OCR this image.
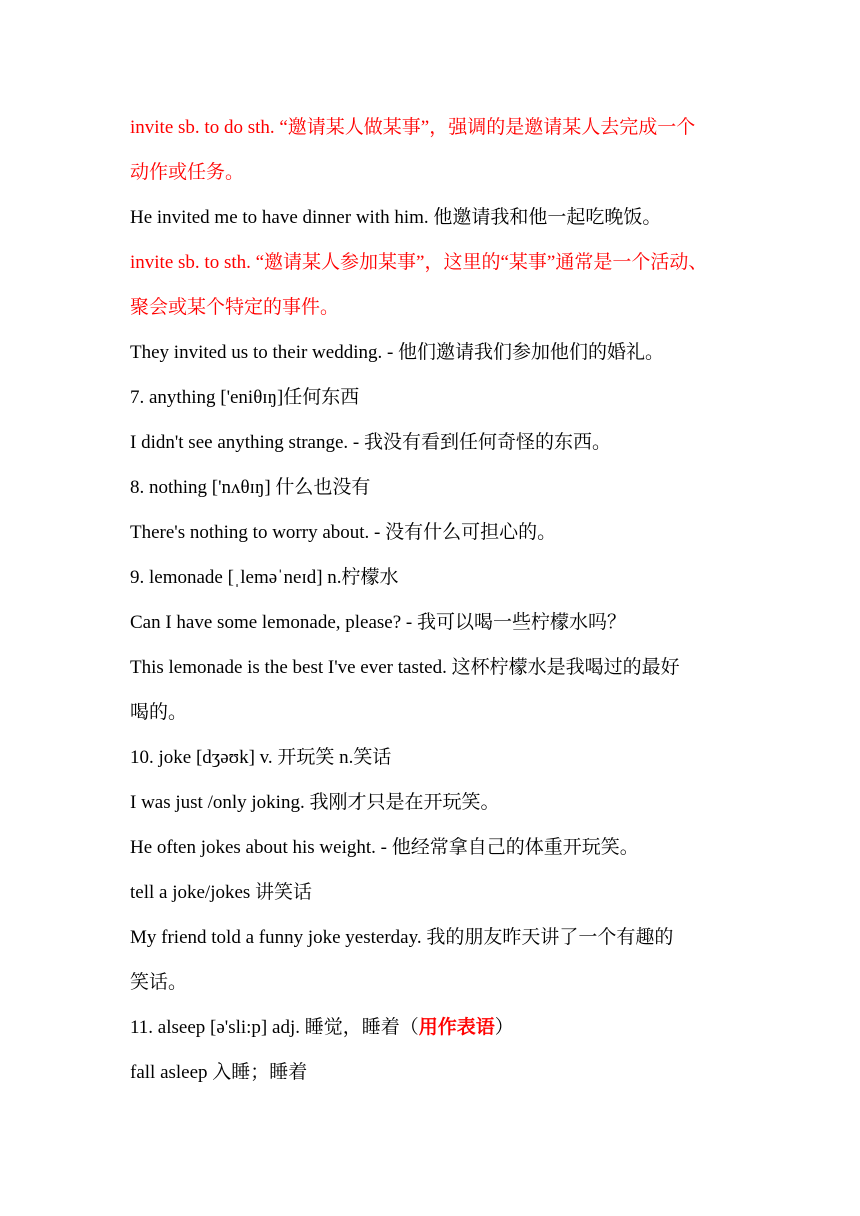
invite sb. to do sth. “邀请某人做某事”，强调的是邀请某人去完成一个
动作或任务。
He invited me to have dinner with him. 他邀请我和他一起吃晚饭。
invite sb. to sth. “邀请某人参加某事”，这里的“某事”通常是一个活动、
聚会或某个特定的事件。
They invited us to their wedding. - 他们邀请我们参加他们的婚礼。
7. anything ['eniθɪŋ]任何东西
I didn't see anything strange. - 我没有看到任何奇怪的东西。
8. nothing ['nʌθɪŋ] 什么也没有
There's nothing to worry about. - 没有什么可担心的。
9. lemonade [ˌleməˈneɪd] n.柠檬水
Can I have some lemonade, please? - 我可以喝一些柠檬水吗？
This lemonade is the best I've ever tasted. 这杯柠檬水是我喝过的最好
喝的。
10. joke [dʒəʊk] v. 开玩笑 n.笑话
I was just /only joking. 我刚才只是在开玩笑。
He often jokes about his weight. - 他经常拿自己的体重开玩笑。
tell a joke/jokes 讲笑话
My friend told a funny joke yesterday. 我的朋友昨天讲了一个有趣的
笑话。
11. alseep [ə'sli:p] adj. 睡觉，睡着（用作表语）
fall asleep 入睡；睡着
